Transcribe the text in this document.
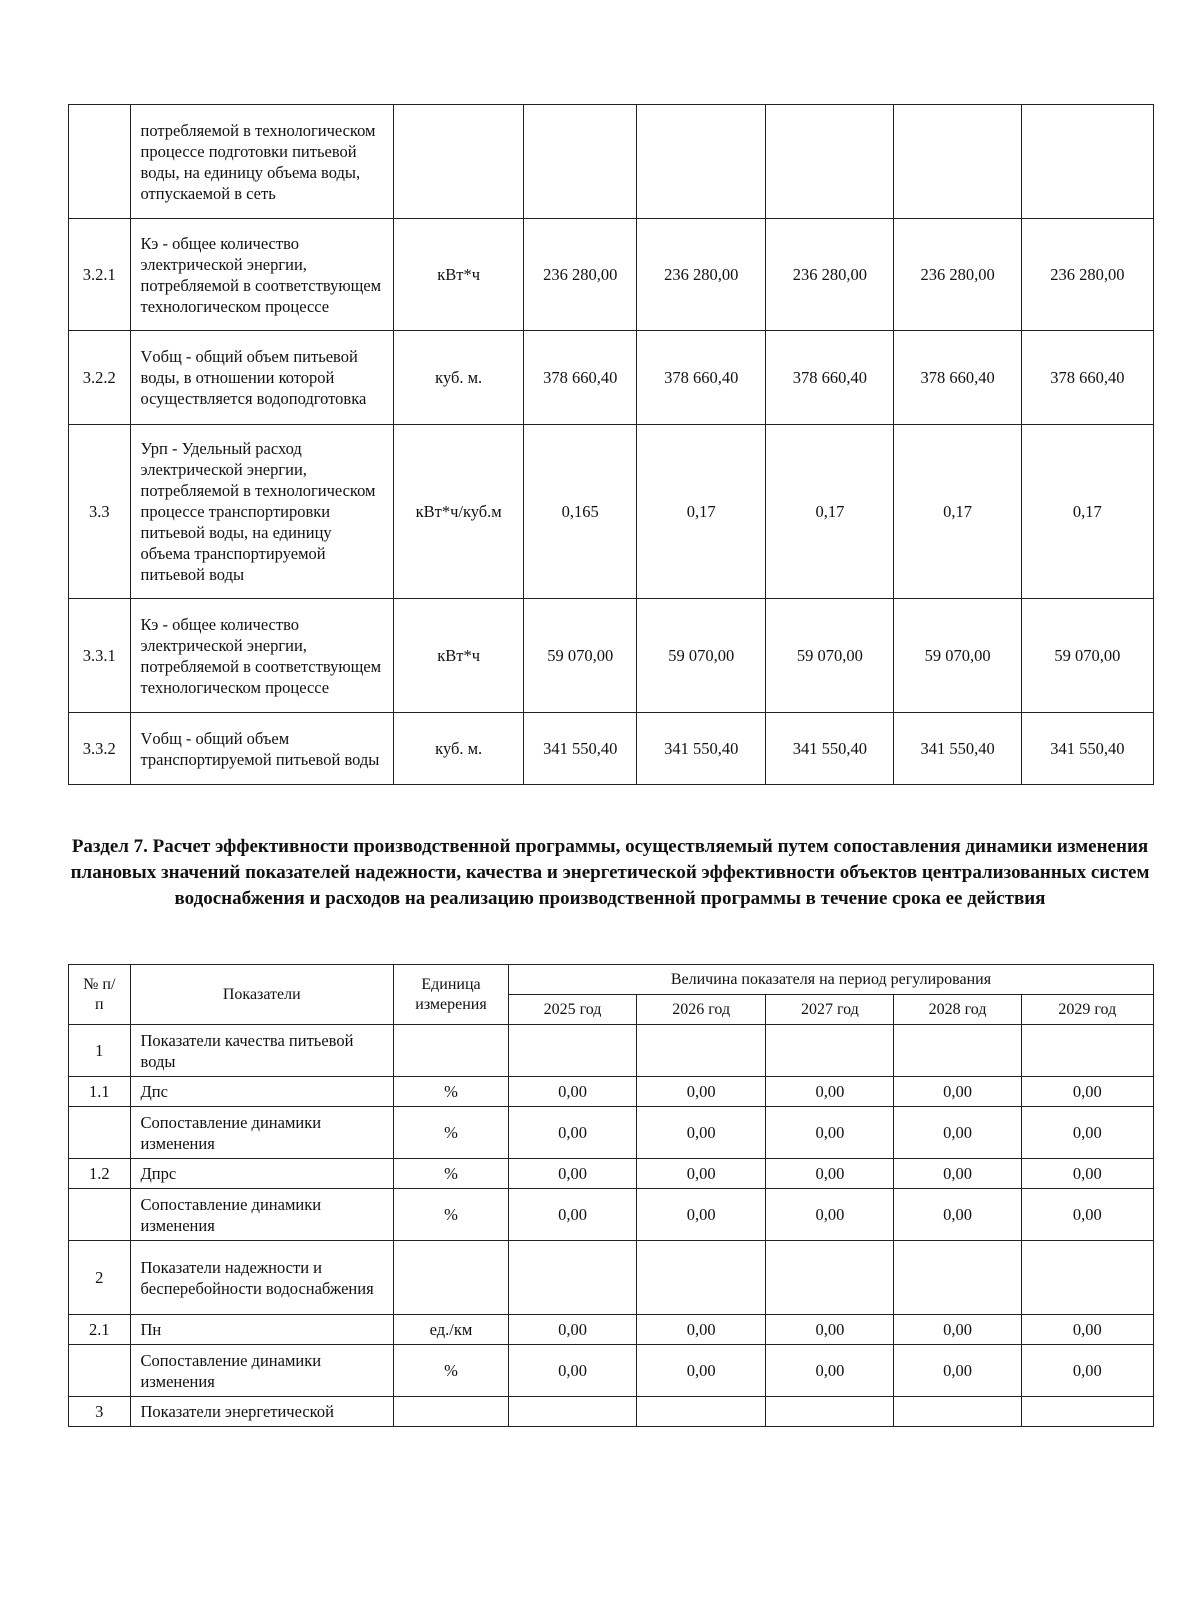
	потребляемой в технологическом процессе подготовки питьевой воды, на единицу объема воды, отпускаемой в сеть						
3.2.1	Кэ - общее количество электрической энергии, потребляемой в соответствующем технологическом процессе	кВт*ч	236 280,00	236 280,00	236 280,00	236 280,00	236 280,00
3.2.2	Vобщ - общий объем питьевой воды, в отношении которой осуществляется водоподготовка	куб. м.	378 660,40	378 660,40	378 660,40	378 660,40	378 660,40
3.3	Урп - Удельный расход электрической энергии, потребляемой в технологическом процессе транспортировки питьевой воды, на единицу объема транспортируемой питьевой воды	кВт*ч/куб.м	0,165	0,17	0,17	0,17	0,17
3.3.1	Кэ - общее количество электрической энергии, потребляемой в соответствующем технологическом процессе	кВт*ч	59 070,00	59 070,00	59 070,00	59 070,00	59 070,00
3.3.2	Vобщ - общий объем транспортируемой питьевой воды	куб. м.	341 550,40	341 550,40	341 550,40	341 550,40	341 550,40
Раздел 7. Расчет эффективности производственной программы, осуществляемый путем сопоставления динамики изменения плановых значений показателей надежности, качества и энергетической эффективности объектов централизованных систем водоснабжения и расходов на реализацию производственной программы в течение срока ее действия
№ п/п	Показатели	Единица измерения	Величина показателя на период регулирования				
			2025 год	2026 год	2027 год	2028 год	2029 год
1	Показатели качества питьевой воды						
1.1	Дпс	%	0,00	0,00	0,00	0,00	0,00
	Сопоставление динамики изменения	%	0,00	0,00	0,00	0,00	0,00
1.2	Дпрс	%	0,00	0,00	0,00	0,00	0,00
	Сопоставление динамики изменения	%	0,00	0,00	0,00	0,00	0,00
2	Показатели надежности и бесперебойности водоснабжения						
2.1	Пн	ед./км	0,00	0,00	0,00	0,00	0,00
	Сопоставление динамики изменения	%	0,00	0,00	0,00	0,00	0,00
3	Показатели энергетической						
